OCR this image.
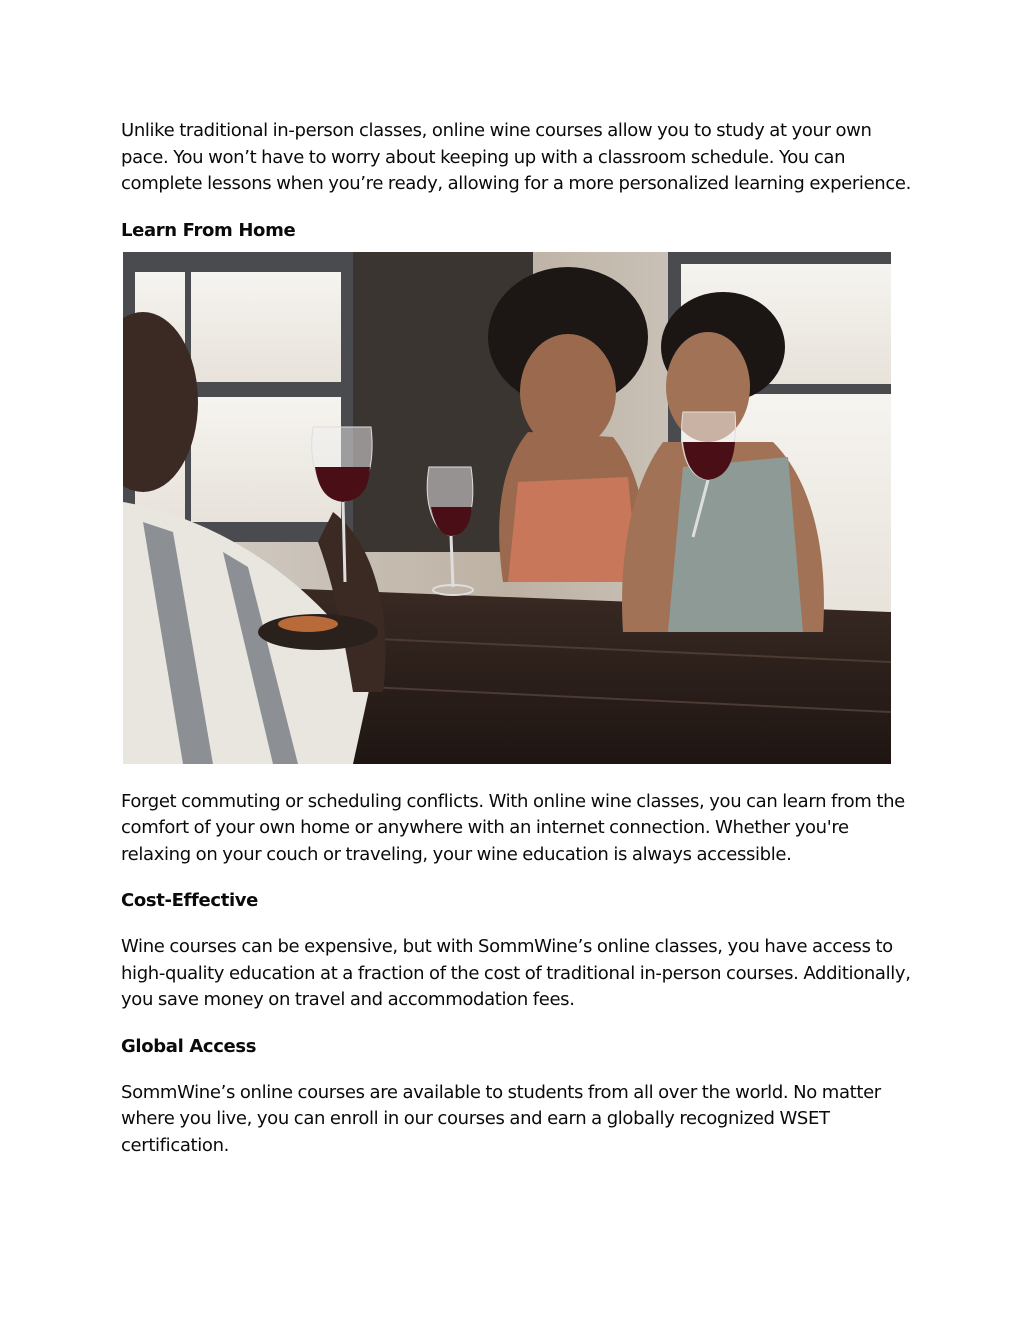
Unlike traditional in-person classes, online wine courses allow you to study at your own pace. You won’t have to worry about keeping up with a classroom schedule. You can complete lessons when you’re ready, allowing for a more personalized learning experience.

Learn From Home

Forget commuting or scheduling conflicts. With online wine classes, you can learn from the comfort of your own home or anywhere with an internet connection. Whether you're relaxing on your couch or traveling, your wine education is always accessible.

Cost-Effective

Wine courses can be expensive, but with SommWine’s online classes, you have access to high-quality education at a fraction of the cost of traditional in-person courses. Additionally, you save money on travel and accommodation fees.

Global Access

SommWine’s online courses are available to students from all over the world. No matter where you live, you can enroll in our courses and earn a globally recognized WSET certification.
